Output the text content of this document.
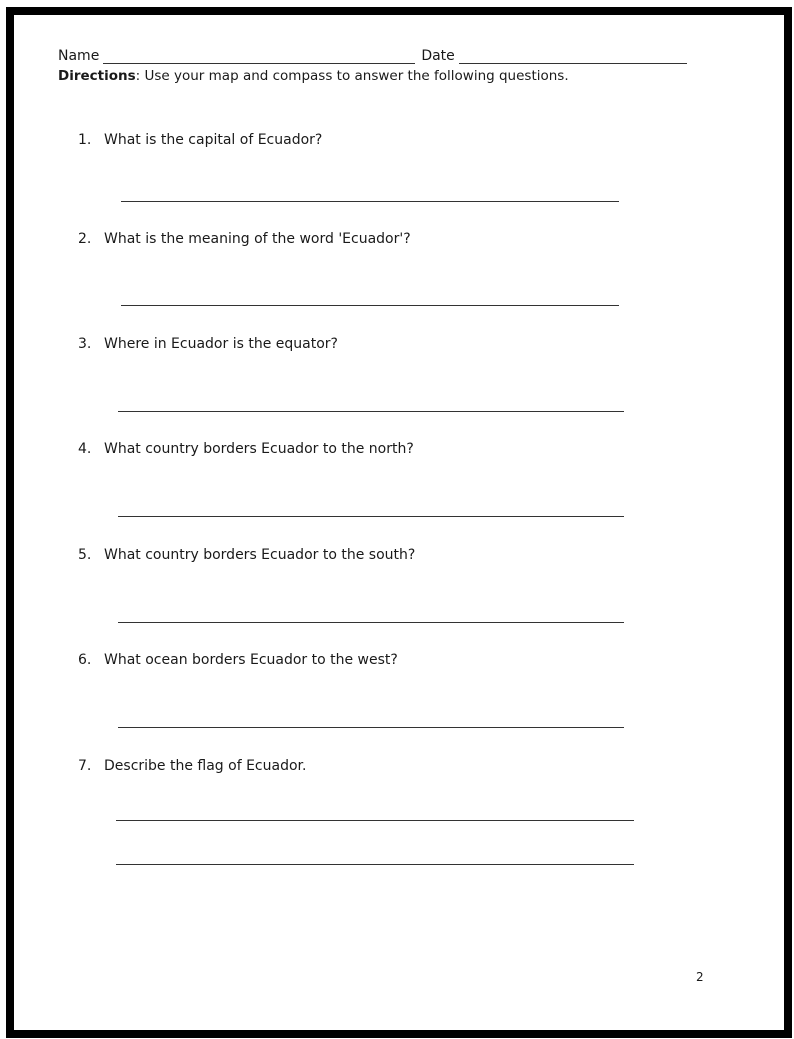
Name	Date
Directions: Use your map and compass to answer the following questions.
1. What is the capital of Ecuador?
2. What is the meaning of the word 'Ecuador'?
3. Where in Ecuador is the equator?
4. What country borders Ecuador to the north?
5. What country borders Ecuador to the south?
6. What ocean borders Ecuador to the west?
7. Describe the flag of Ecuador.
2
